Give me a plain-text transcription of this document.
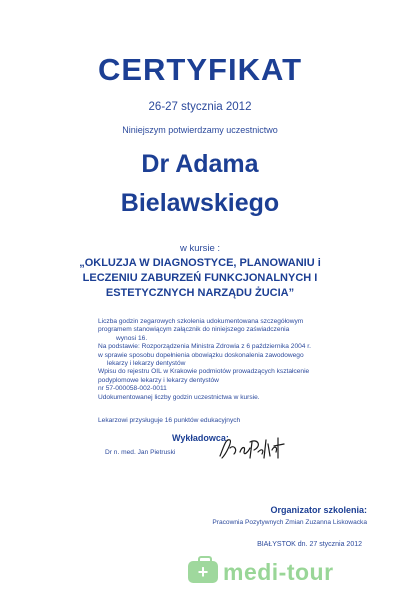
CERTYFIKAT
26-27 stycznia 2012
Niniejszym potwierdzamy uczestnictwo
Dr Adama
Bielawskiego
w kursie :
„OKLUZJA W DIAGNOSTYCE, PLANOWANIU i
LECZENIU ZABURZEŃ FUNKCJONALNYCH I
ESTETYCZNYCH NARZĄDU ŻUCIA”
Liczba godzin zegarowych szkolenia udokumentowana szczegółowym
programem stanowiącym załącznik do niniejszego zaświadczenia
wynosi 16.
Na podstawie: Rozporządzenia Ministra Zdrowia z 6 października 2004 r.
w sprawie sposobu dopełnienia obowiązku doskonalenia zawodowego
lekarzy i lekarzy dentystów
Wpisu do rejestru OIL w Krakowie podmiotów prowadzących kształcenie
podyplomowe lekarzy i lekarzy dentystów
nr 57-000058-002-0011
Udokumentowanej liczby godzin uczestnictwa w kursie.
Lekarzowi przysługuje 16 punktów edukacyjnych
Wykładowca:
Dr n. med. Jan Pietruski
Organizator szkolenia:
Pracownia Pozytywnych Zmian Zuzanna Liskowacka
BIAŁYSTOK dn. 27 stycznia 2012
+
medi-tour
